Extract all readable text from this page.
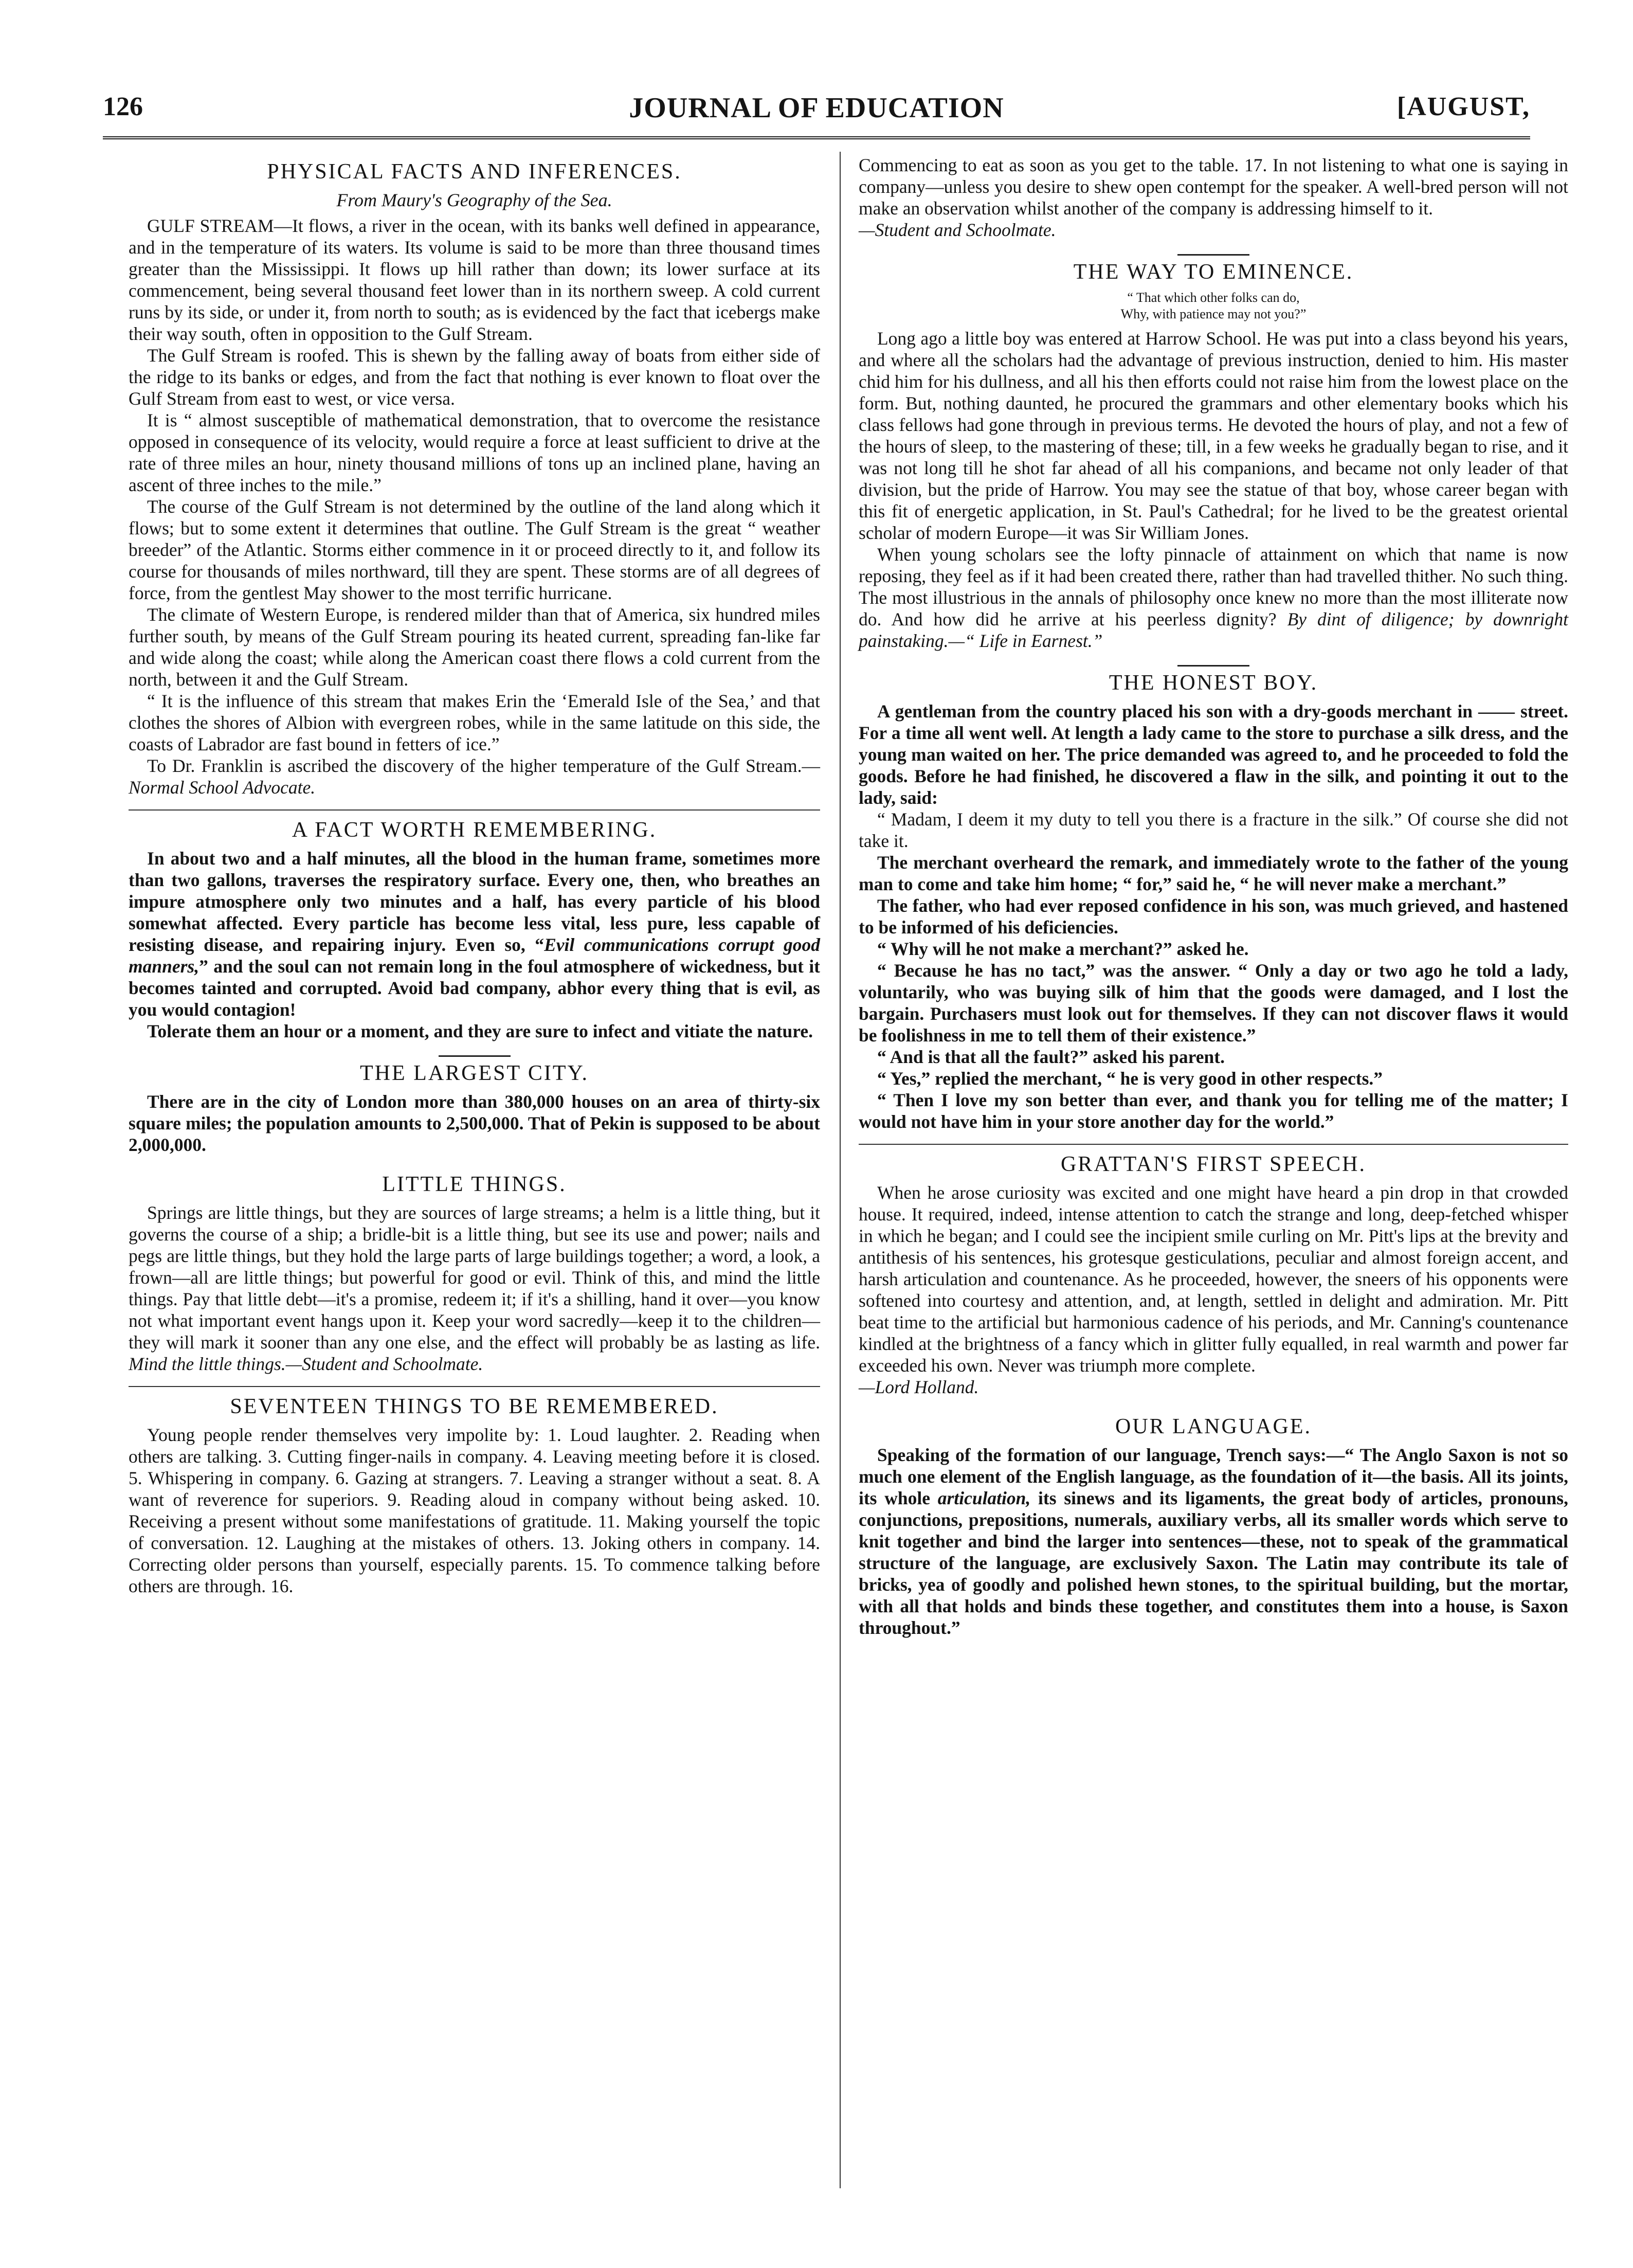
126	JOURNAL OF EDUCATION	[AUGUST,
PHYSICAL FACTS AND INFERENCES.
From Maury's Geography of the Sea.

GULF STREAM—It flows, a river in the ocean, with its banks well defined in appearance, and in the temperature of its waters. Its volume is said to be more than three thousand times greater than the Mississippi. It flows up hill rather than down; its lower surface at its commencement, being several thousand feet lower than in its northern sweep. A cold current runs by its side, or under it, from north to south; as is evidenced by the fact that icebergs make their way south, often in opposition to the Gulf Stream.

The Gulf Stream is roofed. This is shewn by the falling away of boats from either side of the ridge to its banks or edges, and from the fact that nothing is ever known to float over the Gulf Stream from east to west, or vice versa.

It is “ almost susceptible of mathematical demonstration, that to overcome the resistance opposed in consequence of its velocity, would require a force at least sufficient to drive at the rate of three miles an hour, ninety thousand millions of tons up an inclined plane, having an ascent of three inches to the mile.”

The course of the Gulf Stream is not determined by the outline of the land along which it flows; but to some extent it determines that outline. The Gulf Stream is the great “ weather breeder” of the Atlantic. Storms either commence in it or proceed directly to it, and follow its course for thousands of miles northward, till they are spent. These storms are of all degrees of force, from the gentlest May shower to the most terrific hurricane.

The climate of Western Europe, is rendered milder than that of America, six hundred miles further south, by means of the Gulf Stream pouring its heated current, spreading fan-like far and wide along the coast; while along the American coast there flows a cold current from the north, between it and the Gulf Stream.

“ It is the influence of this stream that makes Erin the ‘Emerald Isle of the Sea,’ and that clothes the shores of Albion with evergreen robes, while in the same latitude on this side, the coasts of Labrador are fast bound in fetters of ice.”

To Dr. Franklin is ascribed the discovery of the higher temperature of the Gulf Stream.—Normal School Advocate.

A FACT WORTH REMEMBERING.

In about two and a half minutes, all the blood in the human frame, sometimes more than two gallons, traverses the respiratory surface. Every one, then, who breathes an impure atmosphere only two minutes and a half, has every particle of his blood somewhat affected. Every particle has become less vital, less pure, less capable of resisting disease, and repairing injury. Even so, “Evil communications corrupt good manners,” and the soul can not remain long in the foul atmosphere of wickedness, but it becomes tainted and corrupted. Avoid bad company, abhor every thing that is evil, as you would contagion!

Tolerate them an hour or a moment, and they are sure to infect and vitiate the nature.

THE LARGEST CITY.

There are in the city of London more than 380,000 houses on an area of thirty-six square miles; the population amounts to 2,500,000. That of Pekin is supposed to be about 2,000,000.

LITTLE THINGS.

Springs are little things, but they are sources of large streams; a helm is a little thing, but it governs the course of a ship; a bridle-bit is a little thing, but see its use and power; nails and pegs are little things, but they hold the large parts of large buildings together; a word, a look, a frown—all are little things; but powerful for good or evil. Think of this, and mind the little things. Pay that little debt—it's a promise, redeem it; if it's a shilling, hand it over—you know not what important event hangs upon it. Keep your word sacredly—keep it to the children—they will mark it sooner than any one else, and the effect will probably be as lasting as life. Mind the little things.—Student and Schoolmate.

SEVENTEEN THINGS TO BE REMEMBERED.

Young people render themselves very impolite by: 1. Loud laughter. 2. Reading when others are talking. 3. Cutting finger-nails in company. 4. Leaving meeting before it is closed. 5. Whispering in company. 6. Gazing at strangers. 7. Leaving a stranger without a seat. 8. A want of reverence for superiors. 9. Reading aloud in company without being asked. 10. Receiving a present without some manifestations of gratitude. 11. Making yourself the topic of conversation. 12. Laughing at the mistakes of others. 13. Joking others in company. 14. Correcting older persons than yourself, especially parents. 15. To commence talking before others are through. 16.

Commencing to eat as soon as you get to the table. 17. In not listening to what one is saying in company—unless you desire to shew open contempt for the speaker. A well-bred person will not make an observation whilst another of the company is addressing himself to it.

—Student and Schoolmate.

THE WAY TO EMINENCE.
“ That which other folks can do,
Why, with patience may not you?”

Long ago a little boy was entered at Harrow School. He was put into a class beyond his years, and where all the scholars had the advantage of previous instruction, denied to him. His master chid him for his dullness, and all his then efforts could not raise him from the lowest place on the form. But, nothing daunted, he procured the grammars and other elementary books which his class fellows had gone through in previous terms. He devoted the hours of play, and not a few of the hours of sleep, to the mastering of these; till, in a few weeks he gradually began to rise, and it was not long till he shot far ahead of all his companions, and became not only leader of that division, but the pride of Harrow. You may see the statue of that boy, whose career began with this fit of energetic application, in St. Paul's Cathedral; for he lived to be the greatest oriental scholar of modern Europe—it was Sir William Jones.

When young scholars see the lofty pinnacle of attainment on which that name is now reposing, they feel as if it had been created there, rather than had travelled thither. No such thing. The most illustrious in the annals of philosophy once knew no more than the most illiterate now do. And how did he arrive at his peerless dignity? By dint of diligence; by downright painstaking.—“ Life in Earnest.”

THE HONEST BOY.

A gentleman from the country placed his son with a dry-goods merchant in —— street. For a time all went well. At length a lady came to the store to purchase a silk dress, and the young man waited on her. The price demanded was agreed to, and he proceeded to fold the goods. Before he had finished, he discovered a flaw in the silk, and pointing it out to the lady, said:

“ Madam, I deem it my duty to tell you there is a fracture in the silk.” Of course she did not take it.

The merchant overheard the remark, and immediately wrote to the father of the young man to come and take him home; “ for,” said he, “ he will never make a merchant.”

The father, who had ever reposed confidence in his son, was much grieved, and hastened to be informed of his deficiencies.

“ Why will he not make a merchant?” asked he.

“ Because he has no tact,” was the answer. “ Only a day or two ago he told a lady, voluntarily, who was buying silk of him that the goods were damaged, and I lost the bargain. Purchasers must look out for themselves. If they can not discover flaws it would be foolishness in me to tell them of their existence.”

“ And is that all the fault?” asked his parent.

“ Yes,” replied the merchant, “ he is very good in other respects.”

“ Then I love my son better than ever, and thank you for telling me of the matter; I would not have him in your store another day for the world.”

GRATTAN'S FIRST SPEECH.

When he arose curiosity was excited and one might have heard a pin drop in that crowded house. It required, indeed, intense attention to catch the strange and long, deep-fetched whisper in which he began; and I could see the incipient smile curling on Mr. Pitt's lips at the brevity and antithesis of his sentences, his grotesque gesticulations, peculiar and almost foreign accent, and harsh articulation and countenance. As he proceeded, however, the sneers of his opponents were softened into courtesy and attention, and, at length, settled in delight and admiration. Mr. Pitt beat time to the artificial but harmonious cadence of his periods, and Mr. Canning's countenance kindled at the brightness of a fancy which in glitter fully equalled, in real warmth and power far exceeded his own. Never was triumph more complete.

—Lord Holland.

OUR LANGUAGE.

Speaking of the formation of our language, Trench says:—“ The Anglo Saxon is not so much one element of the English language, as the foundation of it—the basis. All its joints, its whole articulation, its sinews and its ligaments, the great body of articles, pronouns, conjunctions, prepositions, numerals, auxiliary verbs, all its smaller words which serve to knit together and bind the larger into sentences—these, not to speak of the grammatical structure of the language, are exclusively Saxon. The Latin may contribute its tale of bricks, yea of goodly and polished hewn stones, to the spiritual building, but the mortar, with all that holds and binds these together, and constitutes them into a house, is Saxon throughout.”
